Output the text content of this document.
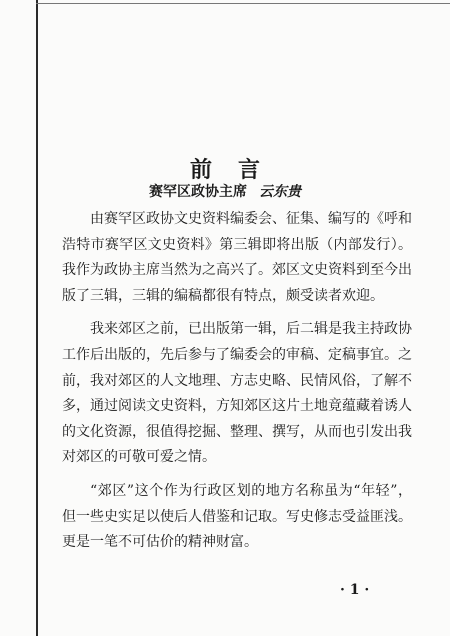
前言
赛罕区政协主席 云东贵

由赛罕区政协文史资料编委会、征集、编写的《呼和浩特市赛罕区文史资料》第三辑即将出版（内部发行）。我作为政协主席当然为之高兴了。郊区文史资料到至今出版了三辑，三辑的编稿都很有特点，颇受读者欢迎。

我来郊区之前，已出版第一辑，后二辑是我主持政协工作后出版的，先后参与了编委会的审稿、定稿事宜。之前，我对郊区的人文地理、方志史略、民情风俗，了解不多，通过阅读文史资料，方知郊区这片土地竟蕴藏着诱人的文化资源，很值得挖掘、整理、撰写，从而也引发出我对郊区的可敬可爱之情。

“郊区”这个作为行政区划的地方名称虽为“年轻”，但一些史实足以使后人借鉴和记取。写史修志受益匪浅。更是一笔不可估价的精神财富。

· 1 ·
